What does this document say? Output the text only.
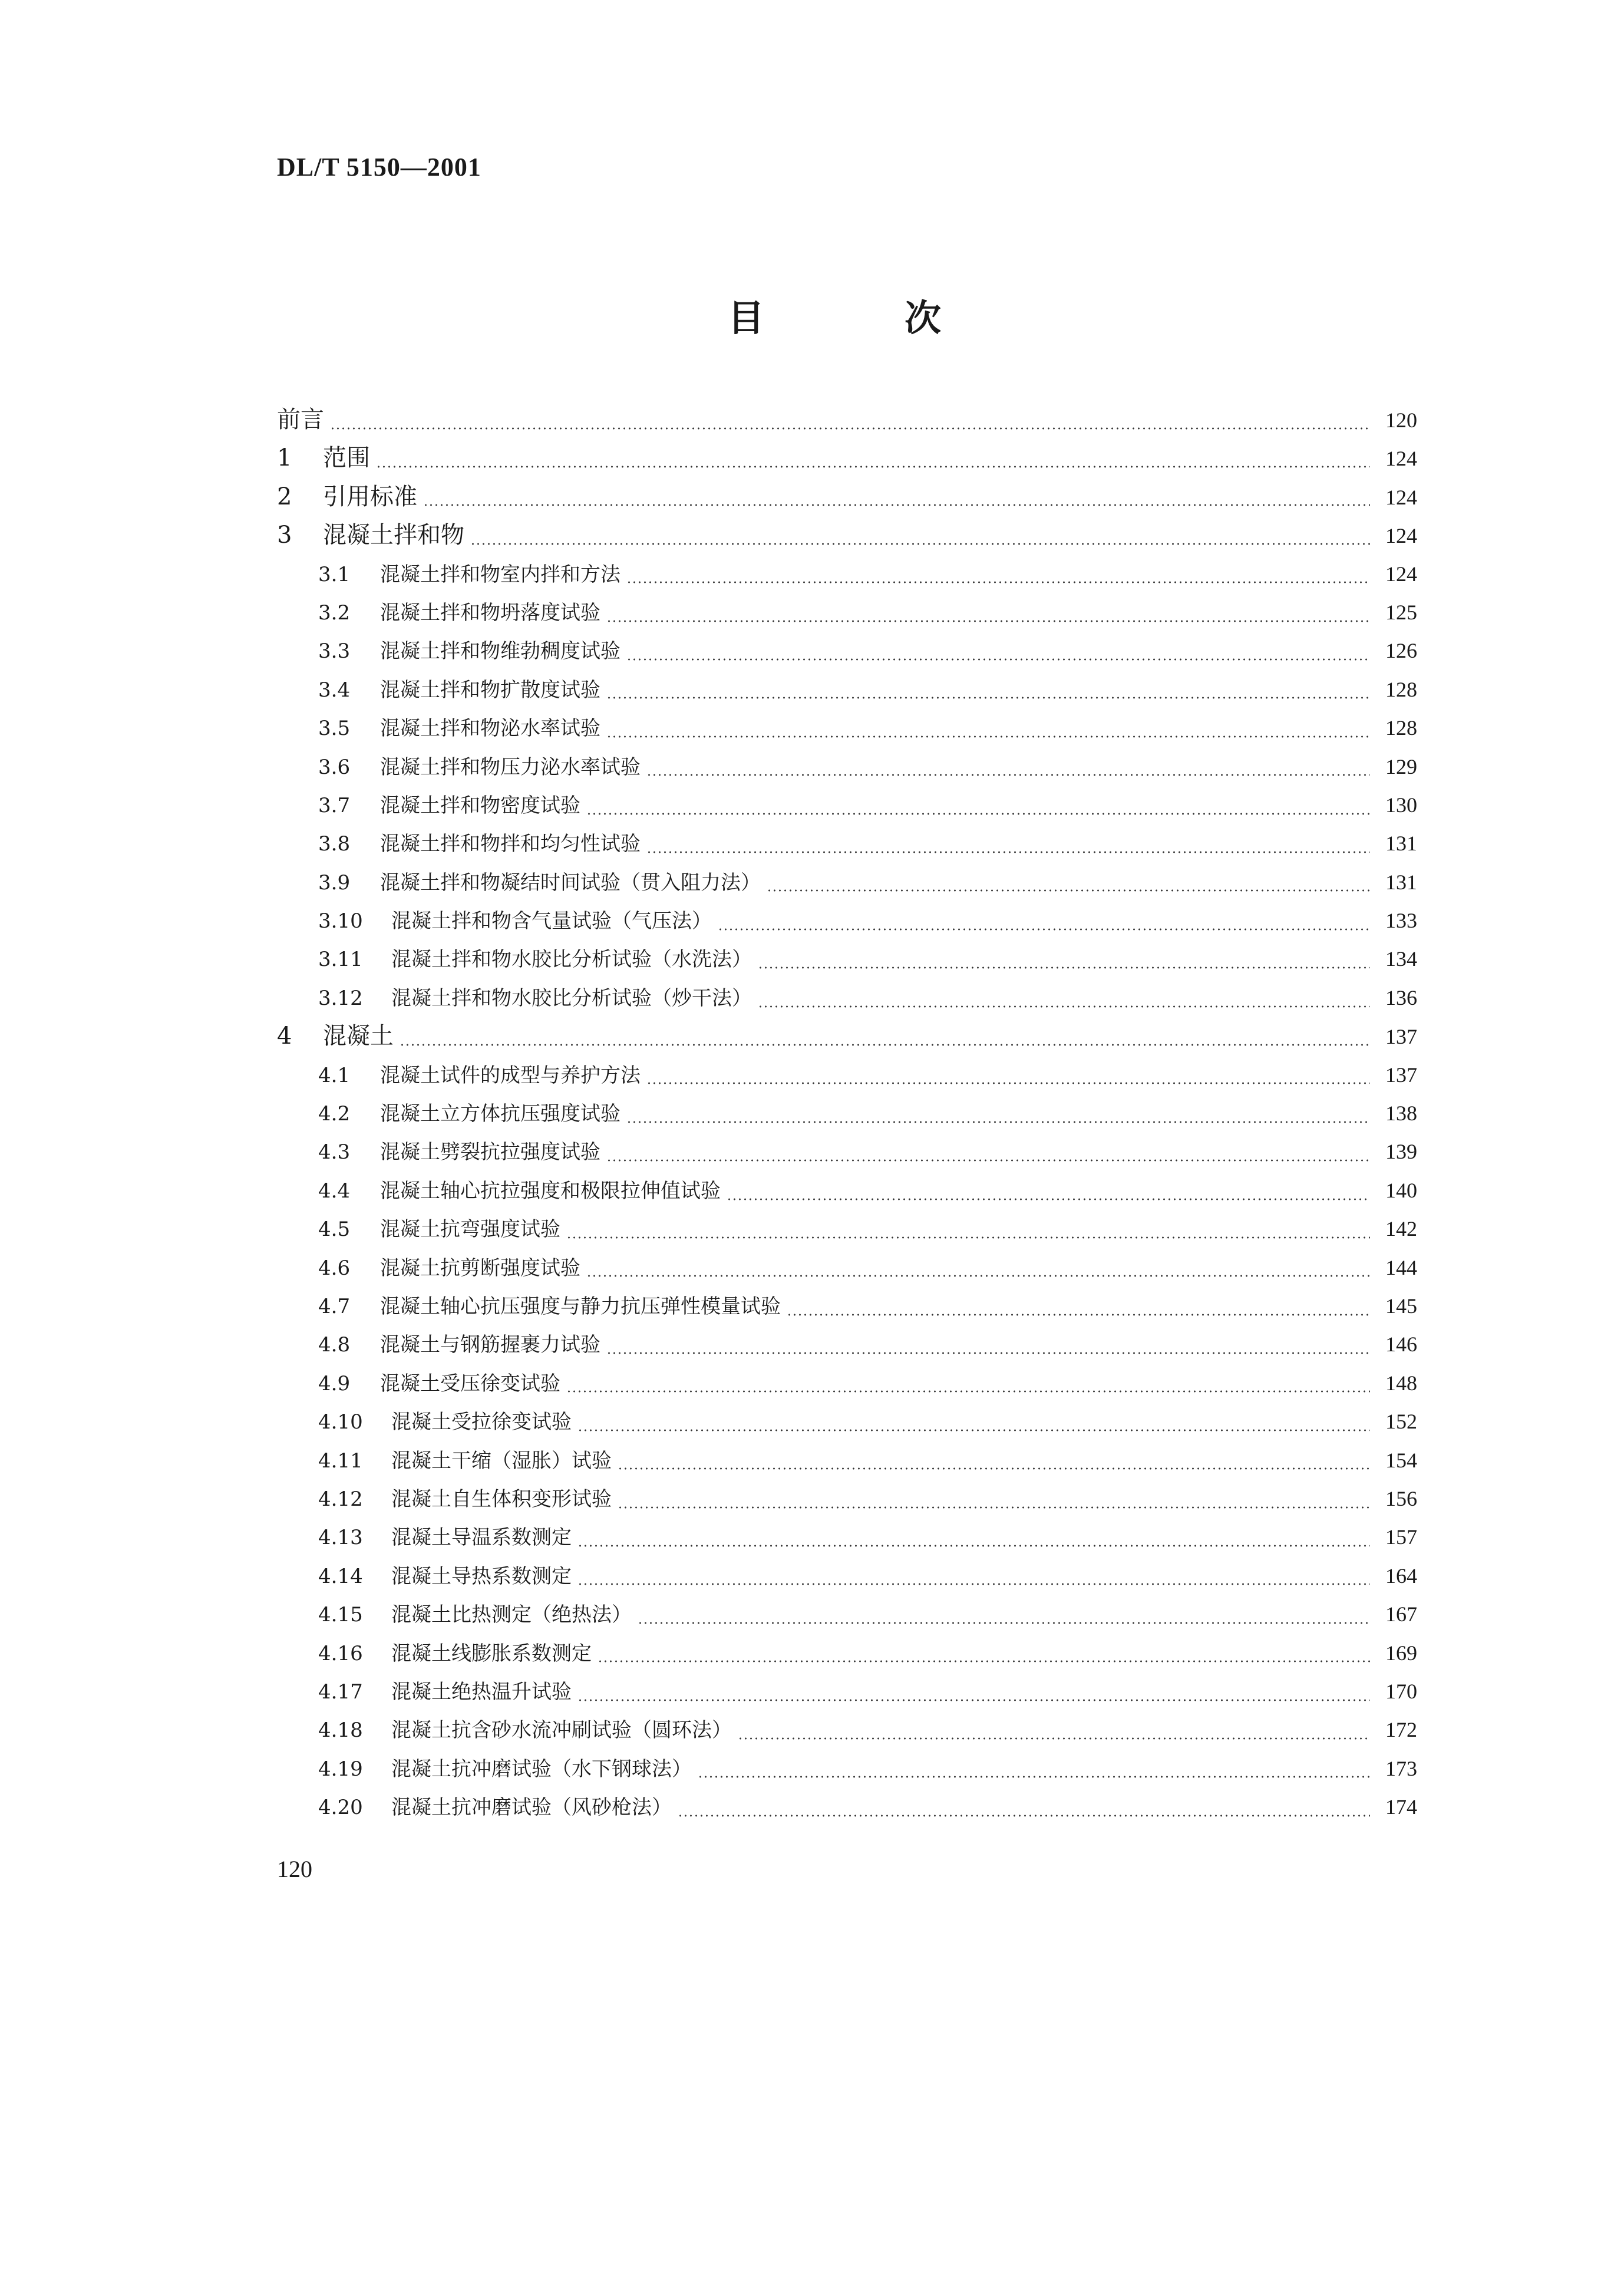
DL/T 5150—2001
目	次
前言	120
1	范围	124
2	引用标准	124
3	混凝土拌和物	124
3.1	混凝土拌和物室内拌和方法	124
3.2	混凝土拌和物坍落度试验	125
3.3	混凝土拌和物维勃稠度试验	126
3.4	混凝土拌和物扩散度试验	128
3.5	混凝土拌和物泌水率试验	128
3.6	混凝土拌和物压力泌水率试验	129
3.7	混凝土拌和物密度试验	130
3.8	混凝土拌和物拌和均匀性试验	131
3.9	混凝土拌和物凝结时间试验（贯入阻力法）	131
3.10	混凝土拌和物含气量试验（气压法）	133
3.11	混凝土拌和物水胶比分析试验（水洗法）	134
3.12	混凝土拌和物水胶比分析试验（炒干法）	136
4	混凝土	137
4.1	混凝土试件的成型与养护方法	137
4.2	混凝土立方体抗压强度试验	138
4.3	混凝土劈裂抗拉强度试验	139
4.4	混凝土轴心抗拉强度和极限拉伸值试验	140
4.5	混凝土抗弯强度试验	142
4.6	混凝土抗剪断强度试验	144
4.7	混凝土轴心抗压强度与静力抗压弹性模量试验	145
4.8	混凝土与钢筋握裹力试验	146
4.9	混凝土受压徐变试验	148
4.10	混凝土受拉徐变试验	152
4.11	混凝土干缩（湿胀）试验	154
4.12	混凝土自生体积变形试验	156
4.13	混凝土导温系数测定	157
4.14	混凝土导热系数测定	164
4.15	混凝土比热测定（绝热法）	167
4.16	混凝土线膨胀系数测定	169
4.17	混凝土绝热温升试验	170
4.18	混凝土抗含砂水流冲刷试验（圆环法）	172
4.19	混凝土抗冲磨试验（水下钢球法）	173
4.20	混凝土抗冲磨试验（风砂枪法）	174
120
